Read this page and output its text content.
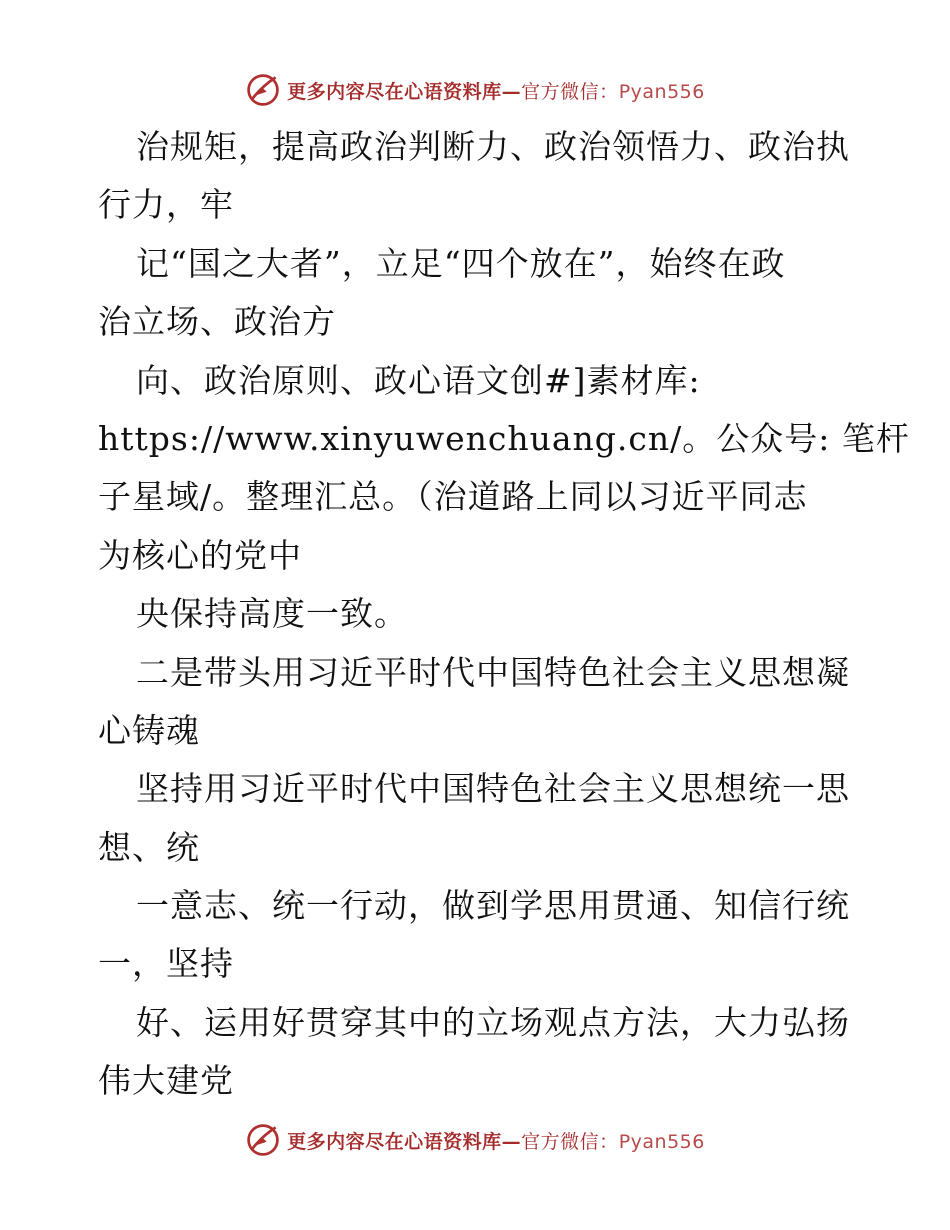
更多内容尽在心语资料库—官方微信：Pyan556
治规矩，提高政治判断力、政治领悟力、政治执
行力，牢
记“国之大者”，立足“四个放在”，始终在政
治立场、政治方
向、政治原则、政心语文创#]素材库:
https://www.xinyuwenchuang.cn/。公众号: 笔杆
子星域/。整理汇总。（治道路上同以习近平同志
为核心的党中
央保持高度一致。
二是带头用习近平时代中国特色社会主义思想凝
心铸魂
坚持用习近平时代中国特色社会主义思想统一思
想、统
一意志、统一行动，做到学思用贯通、知信行统
一，坚持
好、运用好贯穿其中的立场观点方法，大力弘扬
伟大建党
更多内容尽在心语资料库—官方微信：Pyan556
